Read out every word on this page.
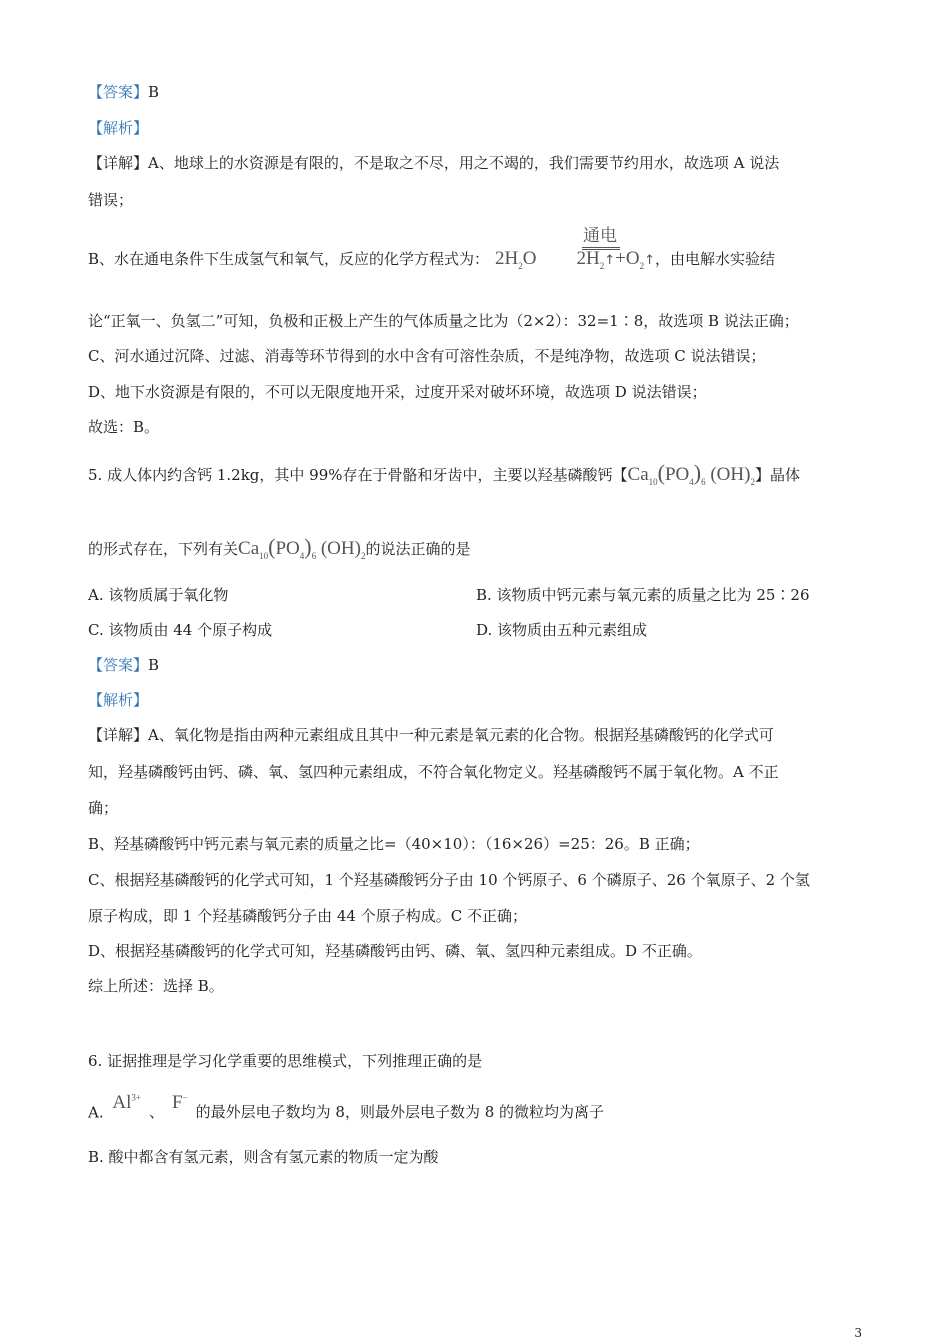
【答案】B
【解析】
【详解】A、地球上的水资源是有限的，不是取之不尽，用之不竭的，我们需要节约用水，故选项 A 说法
错误；
B、水在通电条件下生成氢气和氧气，反应的化学方程式为： $2H_2O$ $2H_2↑+O_2↑$，由电解水实验结
通电
论“正氧一、负氢二”可知，负极和正极上产生的气体质量之比为（2×2）：32=1∶8，故选项 B 说法正确；
C、河水通过沉降、过滤、消毒等环节得到的水中含有可溶性杂质，不是纯净物，故选项 C 说法错误；
D、地下水资源是有限的，不可以无限度地开采，过度开采对破坏环境，故选项 D 说法错误；
故选：B。
5. 成人体内约含钙 1.2kg，其中 99%存在于骨骼和牙齿中，主要以羟基磷酸钙【$Ca_{10}(PO_4)_6$ $(OH)_2$】晶体
的形式存在，下列有关$Ca_{10}(PO_4)_6$ $(OH)_2$的说法正确的是
A. 该物质属于氧化物	B. 该物质中钙元素与氧元素的质量之比为 25∶26
C. 该物质由 44 个原子构成	D. 该物质由五种元素组成
【答案】B
【解析】
【详解】A、氧化物是指由两种元素组成且其中一种元素是氧元素的化合物。根据羟基磷酸钙的化学式可
知，羟基磷酸钙由钙、磷、氧、氢四种元素组成，不符合氧化物定义。羟基磷酸钙不属于氧化物。A 不正
确；
B、羟基磷酸钙中钙元素与氧元素的质量之比=（40×10）：（16×26）=25：26。B 正确；
C、根据羟基磷酸钙的化学式可知，1 个羟基磷酸钙分子由 10 个钙原子、6 个磷原子、26 个氧原子、2 个氢
原子构成，即 1 个羟基磷酸钙分子由 44 个原子构成。C 不正确；
D、根据羟基磷酸钙的化学式可知，羟基磷酸钙由钙、磷、氧、氢四种元素组成。D 不正确。
综上所述：选择 B。
6. 证据推理是学习化学重要的思维模式，下列推理正确的是
A. $Al^{3+}$、 F−的最外层电子数均为 8，则最外层电子数为 8 的微粒均为离子
B. 酸中都含有氢元素，则含有氢元素的物质一定为酸
3
